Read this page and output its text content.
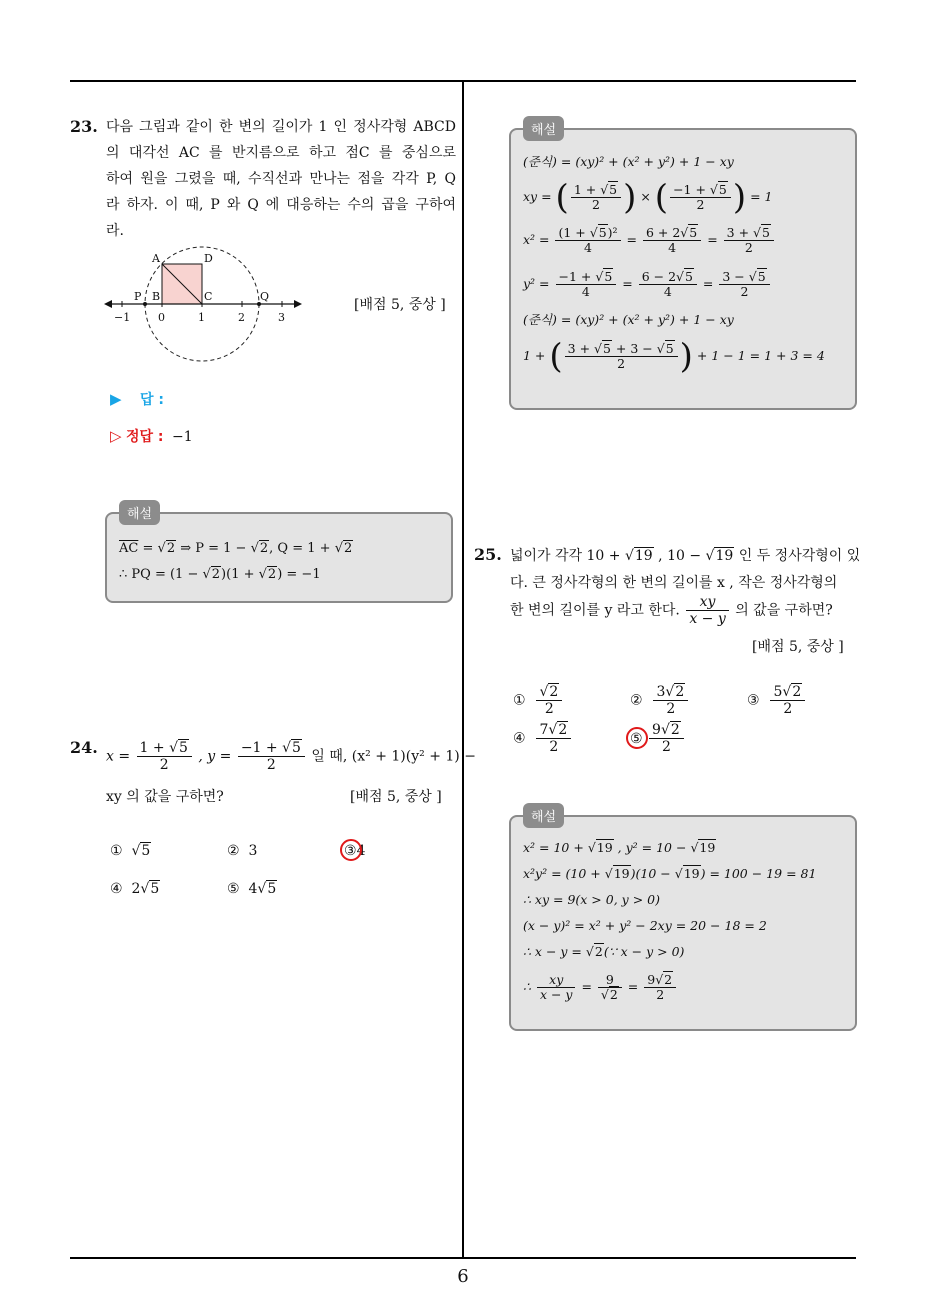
23. 다음 그림과 같이 한 변의 길이가 1 인 정사각형 ABCD
의 대각선 AC 를 반지름으로 하고 점C 를 중심으로
하여 원을 그렸을 때, 수직선과 만나는 점을 각각 P, Q
라 하자. 이 때, P 와 Q 에 대응하는 수의 곱을 구하여
라.
A	D
P B	C	Q
−1	0	1	2	3
[배점 5, 중상 ]
▶ 답 :
▷ 정답 : −1
해설
$\overline{AC} = √2$ ⇒ P = 1 − √2, Q = 1 + √2
∴ PQ = (1 − √2)(1 + √2) = −1
24. $x = \frac{1 + √5}{2}$ , $y = \frac{-1 + √5}{2}$ 일 때, (x² + 1)(y² + 1) −
xy 의 값을 구하면?	[배점 5, 중상 ]
① √5	② 3	③
4
④ 2√5	⑤ 4√5
해설
(준식) = (xy)² + (x² + y²) + 1 − xy
xy = ( $\frac{1 + √5}{2}$ ) × ( $\frac{-1 + √5}{2}$ ) = 1
$x^2 = \frac{\text{(1 + √5)²}}{4} = \frac{6 + 2√5}{4} = \frac{3 + √5}{2}$
$y^2 = \frac{-1 + √5}{4} = \frac{6 - 2√5}{4} = \frac{3 - √5}{2}$
(준식) = (xy)² + (x² + y²) + 1 − xy
1 + ( $\frac{3 + √5 + 3 - √5}{2}$ ) + 1 − 1 = 1 + 3 = 4
25. 넓이가 각각 10 + √19 , 10 − √19 인 두 정사각형이 있
다. 큰 정사각형의 한 변의 길이를 x , 작은 정사각형의
한 변의 길이를 y 라고 한다. $\frac{xy}{x - y}$ 의 값을 구하면?
[배점 5, 중상 ]
① $\frac{√2}{2}$	② $\frac{3√2}{2}$	③ $\frac{5√2}{2}$
④ $\frac{7√2}{2}$	⑤
$\frac{9√2}{2}$
해설
x² = 10 + √19 , y² = 10 − √19
x²y² = (10 + √19)(10 − √19) = 100 − 19 = 81
∴ xy = 9(x > 0, y > 0)
(x − y)² = x² + y² − 2xy = 20 − 18 = 2
∴ x − y = √2(∵ x − y > 0)
∴ $\frac{xy}{x - y} = \frac{9}{√2} = \frac{9√2}{2}$
6
